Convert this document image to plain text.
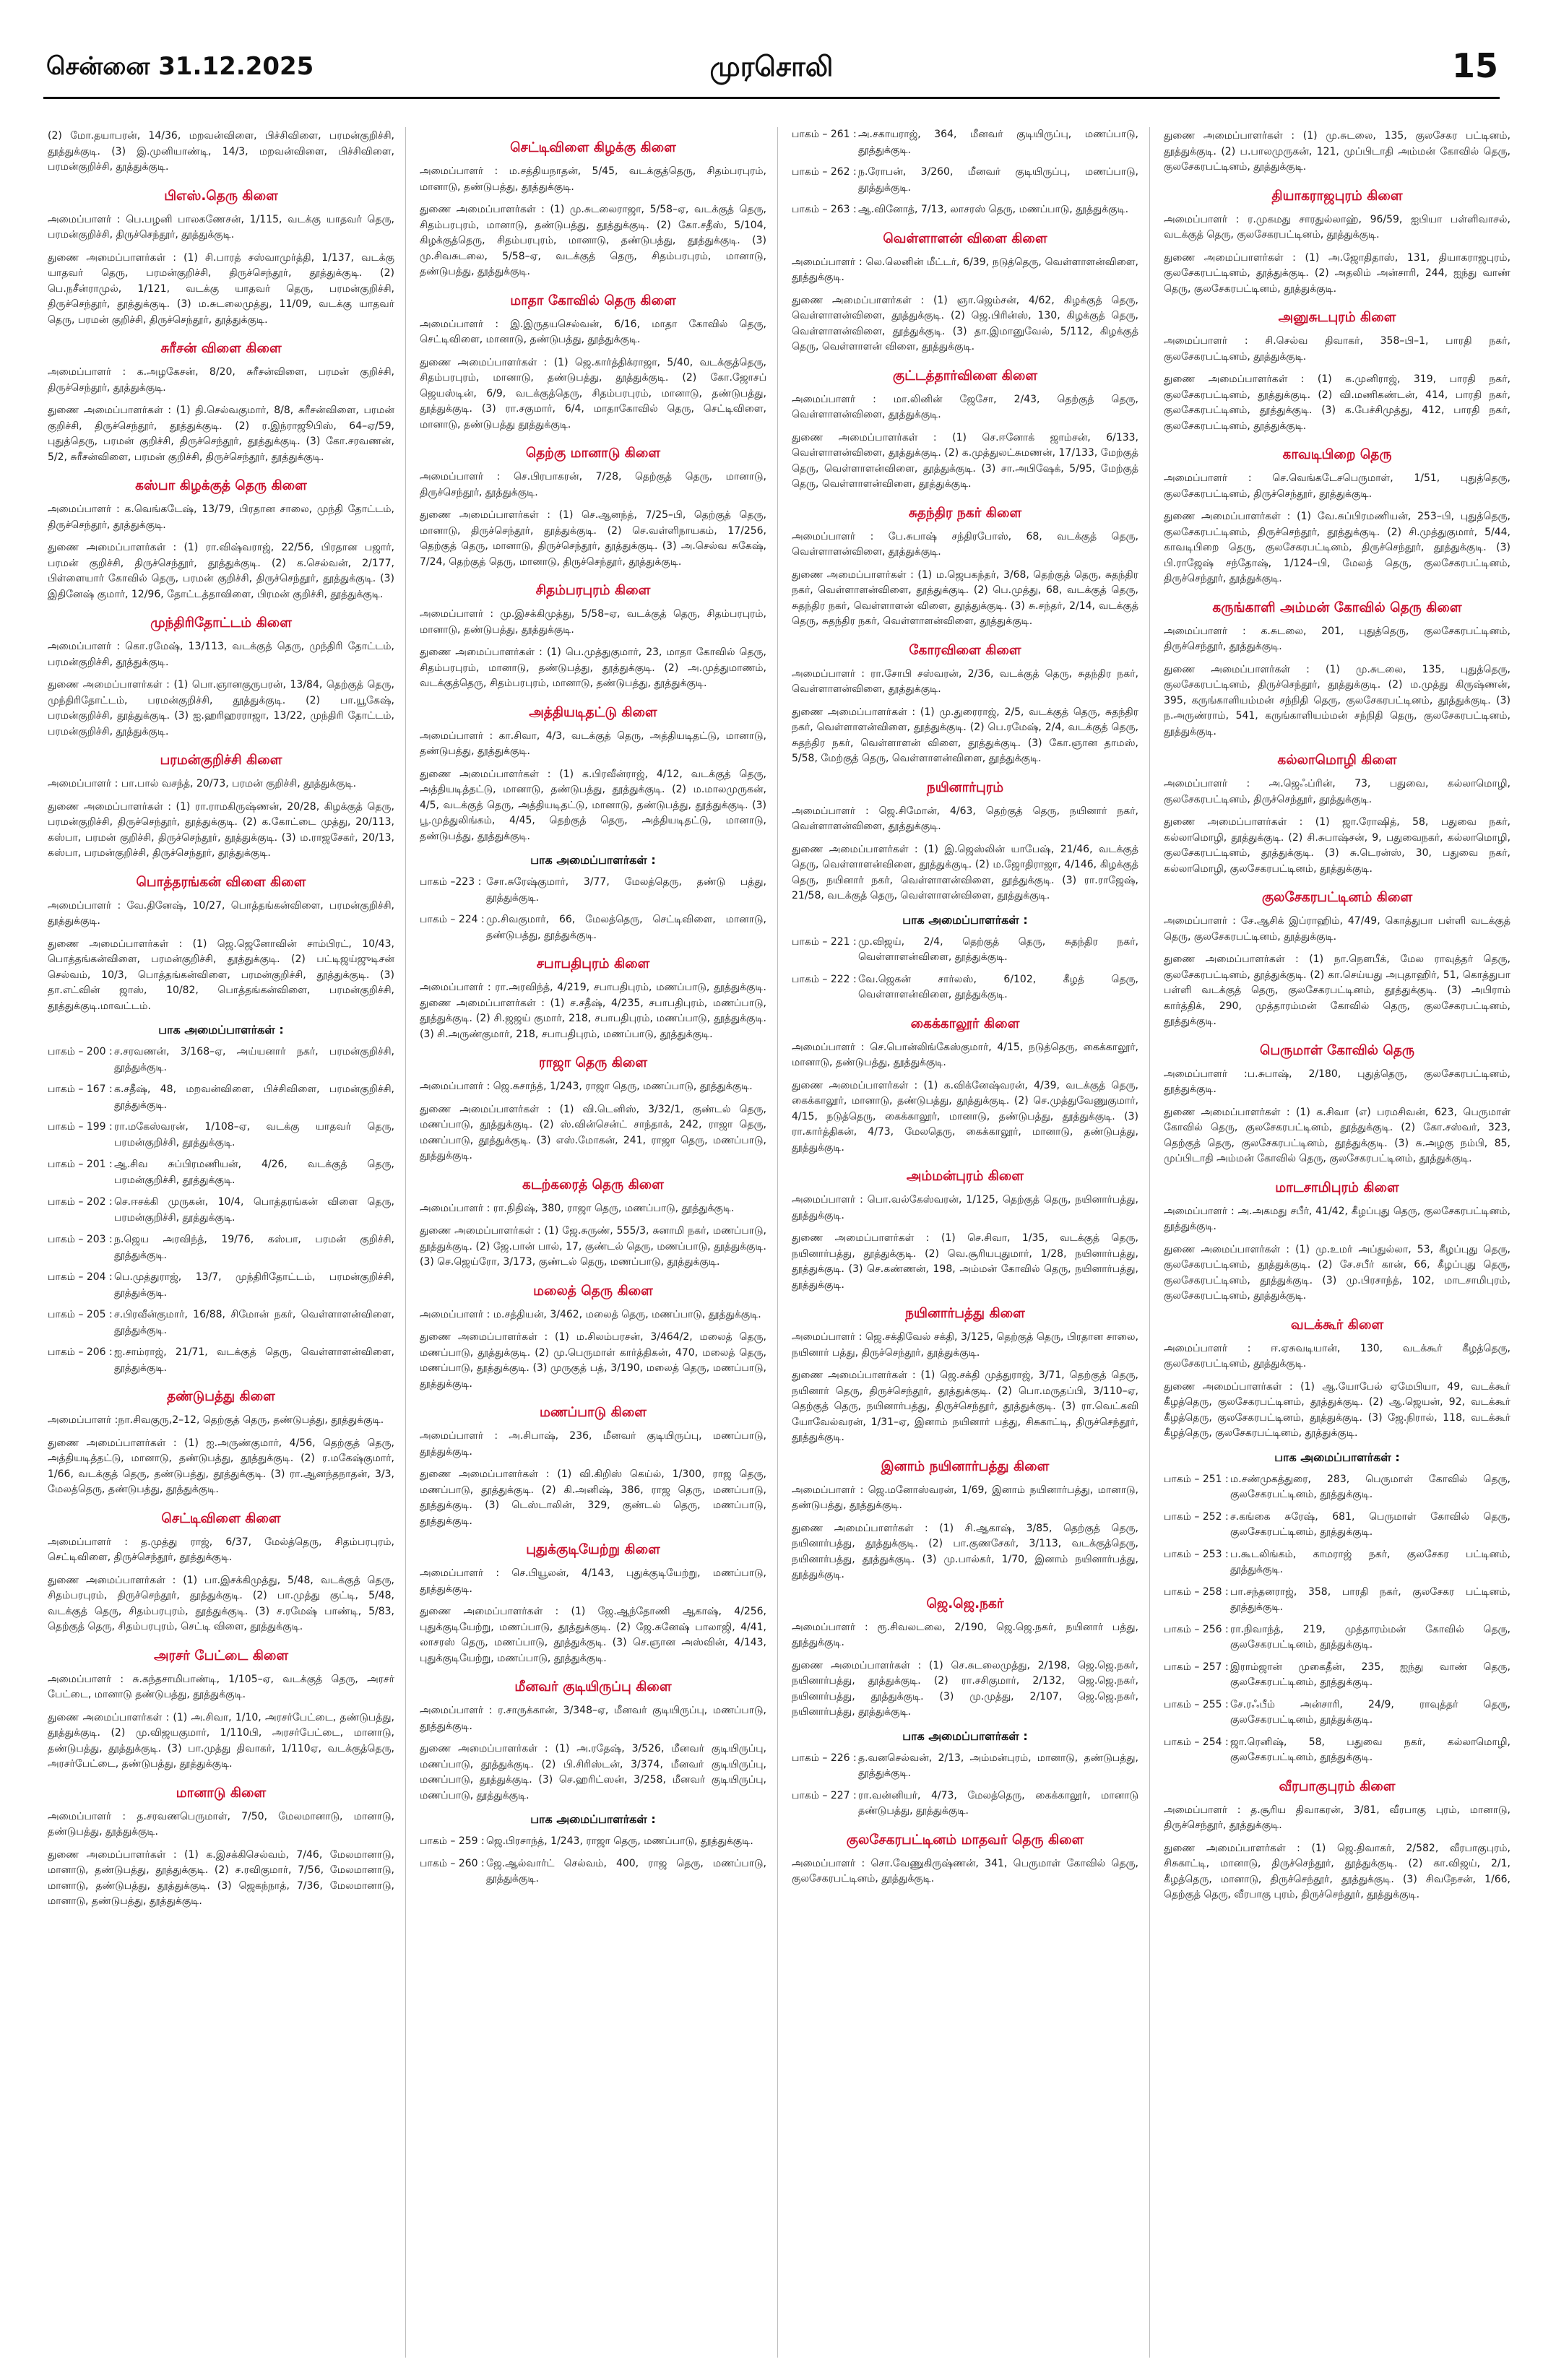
சென்னை 31.12.2025	முரசொலி	15

(2) மோ.தயாபரன், 14/36, மறவன்விளை, பிச்சிவிளை, பரமன்குறிச்சி, தூத்துக்குடி. (3) இ.முனியாண்டி, 14/3, மறவன்விளை, பிச்சிவிளை, பரமன்குறிச்சி, தூத்துக்குடி.

பிஎஸ்.தெரு கிளை

அமைப்பாளர் : பெ.பழனி பாலகணேசன், 1/115, வடக்கு யாதவர் தெரு, பரமன்குறிச்சி, திருச்செந்தூர், தூத்துக்குடி.

துணை அமைப்பாளர்கள் : (1) சி.பாரத் சஸ்வாமுர்த்தி, 1/137, வடக்கு யாதவர் தெரு, பரமன்குறிச்சி, திருச்செந்தூர், தூத்துக்குடி. (2) பெ.நசீன்ராமுல், 1/121, வடக்கு யாதவர் தெரு, பரமன்குறிச்சி, திருச்செந்தூர், தூத்துக்குடி. (3) ம.சுடலைமுத்து, 11/09, வடக்கு யாதவர் தெரு, பரமன் குறிச்சி, திருச்செந்தூர், தூத்துக்குடி.

சுரீசன் விளை கிளை

அமைப்பாளர் : க.அழகேசன், 8/20, சுரீசன்விளை, பரமன் குறிச்சி, திருச்செந்தூர், தூத்துக்குடி.

துணை அமைப்பாளர்கள் : (1) தி.செல்வகுமார், 8/8, சுரீசன்விளை, பரமன் குறிச்சி, திருச்செந்தூர், தூத்துக்குடி. (2) ர.இந்ராஜூபிஸ், 64–ஏ/59, புதுத்தெரு, பரமன் குறிச்சி, திருச்செந்தூர், தூத்துக்குடி. (3) கோ.சரவணன், 5/2, சுரீசன்விளை, பரமன் குறிச்சி, திருச்செந்தூர், தூத்துக்குடி.

கஸ்பா கிழக்குத் தெரு கிளை

அமைப்பாளர் : க.வெங்கடேஷ், 13/79, பிரதான சாலை, முந்தி தோட்டம், திருச்செந்தூர், தூத்துக்குடி.

துணை அமைப்பாளர்கள் : (1) ரா.விஷ்வராஜ், 22/56, பிரதான பஜார், பரமன் குறிச்சி, திருச்செந்தூர், தூத்துக்குடி. (2) க.செல்வன், 2/177, பிள்ளையார் கோவில் தெரு, பரமன் குறிச்சி, திருச்செந்தூர், தூத்துக்குடி. (3) இதினேஷ் குமார், 12/96, தோட்டத்தாவிளை, பிரமன் குறிச்சி, தூத்துக்குடி.

முந்திரிதோட்டம் கிளை

அமைப்பாளர் : கொ.ரமேஷ், 13/113, வடக்குத் தெரு, முந்திரி தோட்டம், பரமன்குறிச்சி, தூத்துக்குடி.

துணை அமைப்பாளர்கள் : (1) பொ.ஞானகுருபரன், 13/84, தெற்குத் தெரு, முந்திரிதோட்டம், பரமன்குறிச்சி, தூத்துக்குடி. (2) பா.யூகேஷ், பரமன்குறிச்சி, தூத்துக்குடி. (3) ஐ.ஹரிஹரராஜா, 13/22, முந்திரி தோட்டம், பரமன்குறிச்சி, தூத்துக்குடி.

பரமன்குறிச்சி கிளை

அமைப்பாளர் : பா.பால் வசந்த், 20/73, பரமன் குறிச்சி, தூத்துக்குடி.

துணை அமைப்பாளர்கள் : (1) ரா.ராமகிருஷ்ணன், 20/28, கிழக்குத் தெரு, பரமன்குறிச்சி, திருச்செந்தூர், தூத்துக்குடி. (2) க.கோட்டை முத்து, 20/113, கஸ்பா, பரமன் குறிச்சி, திருச்செந்தூர், தூத்துக்குடி. (3) ம.ராஜசேகர், 20/13, கஸ்பா, பரமன்குறிச்சி, திருச்செந்தூர், தூத்துக்குடி.

பொத்தரங்கன் விளை கிளை

அமைப்பாளர் : வே.தினேஷ், 10/27, பொத்தங்கன்விளை, பரமன்குறிச்சி, தூத்துக்குடி.

துணை அமைப்பாளர்கள் : (1) ஜெ.ஜெனோவின் சாம்பிரட், 10/43, பொத்தங்கன்விளை, பரமன்குறிச்சி, தூத்துக்குடி. (2) பட்டிஜய்ஜுடிசன் செல்வம், 10/3, பொத்தங்கன்விளை, பரமன்குறிச்சி, தூத்துக்குடி. (3) தா.எட்வின் ஜாஸ், 10/82, பொத்தங்கன்விளை, பரமன்குறிச்சி, தூத்துக்குடி.மாவட்டம்.

பாக அமைப்பாளர்கள் :
பாகம் – 200 : ச.சரவணன், 3/168–ஏ, அய்யனார் நகர், பரமன்குறிச்சி, தூத்துக்குடி.
பாகம் – 167 : க.சதீஷ், 48, மறவன்விளை, பிச்சிவிளை, பரமன்குறிச்சி, தூத்துக்குடி.
பாகம் – 199 : ரா.மகேஸ்வரன், 1/108–ஏ, வடக்கு யாதவர் தெரு, பரமன்குறிச்சி, தூத்துக்குடி.
பாகம் – 201 : ஆ.சிவ சுப்பிரமணியன், 4/26, வடக்குத் தெரு, பரமன்குறிச்சி, தூத்துக்குடி.
பாகம் – 202 : செ.ஈசக்கி முருகன், 10/4, பொத்தரங்கன் விளை தெரு, பரமன்குறிச்சி, தூத்துக்குடி.
பாகம் – 203 : ந.ஜெய அரவிந்த், 19/76, கஸ்பா, பரமன் குறிச்சி, தூத்துக்குடி.
பாகம் – 204 : பெ.முத்துராஜ், 13/7, முந்திரிதோட்டம், பரமன்குறிச்சி, தூத்துக்குடி.
பாகம் – 205 : ச.பிரவீன்குமார், 16/88, சிமோன் நகர், வெள்ளாளன்விளை, தூத்துக்குடி.
பாகம் – 206 : ஐ.சாம்ராஜ், 21/71, வடக்குத் தெரு, வெள்ளாளன்விளை, தூத்துக்குடி.
தண்டுபத்து கிளை

அமைப்பாளர் :நா.சிவகுரு,2–12, தெற்குத் தெரு, தண்டுபத்து, தூத்துக்குடி.

துணை அமைப்பாளர்கள் : (1) ஐ.அருண்குமார், 4/56, தெற்குத் தெரு, அத்தியடித்தட்டு, மானாடு, தண்டுபத்து, தூத்துக்குடி. (2) ர.மகேஷ்குமார், 1/66, வடக்குத் தெரு, தண்டுபத்து, தூத்துக்குடி. (3) ரா.ஆனந்தநாதன், 3/3, மேலத்தெரு, தண்டுபத்து, தூத்துக்குடி.

செட்டிவிளை கிளை

அமைப்பாளர் : த.முத்து ராஜ், 6/37, மேல்த்தெரு, சிதம்பரபுரம், செட்டிவிளை, திருச்செந்தூர், தூத்துக்குடி.

துணை அமைப்பாளர்கள் : (1) பா.இசக்கிமுத்து, 5/48, வடக்குத் தெரு, சிதம்பரபுரம், திருச்செந்தூர், தூத்துக்குடி. (2) பா.முத்து குட்டி, 5/48, வடக்குத் தெரு, சிதம்பரபுரம், தூத்துக்குடி. (3) ச.ரமேஷ் பாண்டி, 5/83, தெற்குத் தெரு, சிதம்பரபுரம், செட்டி விளை, தூத்துக்குடி.

அரசர் பேட்டை கிளை

அமைப்பாளர் : சு.கந்தசாமிபாண்டி, 1/105–ஏ, வடக்குத் தெரு, அரசர் பேட்டை, மானாடு தண்டுபத்து, தூத்துக்குடி.

துணை அமைப்பாளர்கள் : (1) அ.சிவா, 1/10, அரசர்பேட்டை, தண்டுபத்து, தூத்துக்குடி. (2) மு.விஜயகுமார், 1/110பி, அரசர்பேட்டை, மானாடு, தண்டுபத்து, தூத்துக்குடி. (3) பா.முத்து திவாகர், 1/110ஏ, வடக்குத்தெரு, அரசர்பேட்டை, தண்டுபத்து, தூத்துக்குடி.

மானாடு கிளை

அமைப்பாளர் : த.சரவணபெருமாள், 7/50, மேலமானாடு, மானாடு, தண்டுபத்து, தூத்துக்குடி.

துணை அமைப்பாளர்கள் : (1) க.இசக்கிசெல்வம், 7/46, மேலமானாடு, மானாடு, தண்டுபத்து, தூத்துக்குடி. (2) ச.ரவிகுமார், 7/56, மேலமானாடு, மானாடு, தண்டுபத்து, தூத்துக்குடி. (3) ஜெகந்நாத், 7/36, மேலமானாடு, மானாடு, தண்டுபத்து, தூத்துக்குடி.

செட்டிவிளை கிழக்கு கிளை

அமைப்பாளர் : ம.சத்தியநாதன், 5/45, வடக்குத்தெரு, சிதம்பரபுரம், மானாடு, தண்டுபத்து, தூத்துக்குடி.

துணை அமைப்பாளர்கள் : (1) மு.சுடலைராஜா, 5/58–ஏ, வடக்குத் தெரு, சிதம்பரபுரம், மானாடு, தண்டுபத்து, தூத்துக்குடி. (2) கோ.சதீஸ், 5/104, கிழக்குத்தெரு, சிதம்பரபுரம், மானாடு, தண்டுபத்து, தூத்துக்குடி. (3) மு.சிவசுடலை, 5/58–ஏ, வடக்குத் தெரு, சிதம்பரபுரம், மானாடு, தண்டுபத்து, தூத்துக்குடி.

மாதா கோவில் தெரு கிளை

அமைப்பாளர் : இ.இருதயசெல்வன், 6/16, மாதா கோவில் தெரு, செட்டிவிளை, மானாடு, தண்டுபத்து, தூத்துக்குடி.

துணை அமைப்பாளர்கள் : (1) ஜெ.கார்த்திக்ராஜா, 5/40, வடக்குத்தெரு, சிதம்பரபுரம், மானாடு, தண்டுபத்து, தூத்துக்குடி. (2) கோ.ஜோசப் ஜெயஸ்டின், 6/9, வடக்குத்தெரு, சிதம்பரபுரம், மானாடு, தண்டுபத்து, தூத்துக்குடி. (3) ரா.சகுமார், 6/4, மாதாகோவில் தெரு, செட்டிவிளை, மானாடு, தண்டுபத்து தூத்துக்குடி.

தெற்கு மானாடு கிளை

அமைப்பாளர் : செ.பிரபாகரன், 7/28, தெற்குத் தெரு, மானாடு, திருச்செந்தூர், தூத்துக்குடி.

துணை அமைப்பாளர்கள் : (1) செ.ஆனந்த், 7/25–பி, தெற்குத் தெரு, மானாடு, திருச்செந்தூர், தூத்துக்குடி. (2) செ.வள்ளிநாயகம், 17/256, தெற்குத் தெரு, மானாடு, திருச்செந்தூர், தூத்துக்குடி. (3) அ.செல்வ சுகேஷ், 7/24, தெற்குத் தெரு, மானாடு, திருச்செந்தூர், தூத்துக்குடி.

சிதம்பரபுரம் கிளை

அமைப்பாளர் : மு.இசக்கிமுத்து, 5/58–ஏ, வடக்குத் தெரு, சிதம்பரபுரம், மானாடு, தண்டுபத்து, தூத்துக்குடி.

துணை அமைப்பாளர்கள் : (1) பெ.முத்துகுமார், 23, மாதா கோவில் தெரு, சிதம்பரபுரம், மானாடு, தண்டுபத்து, தூத்துக்குடி. (2) அ.முத்துமாணம், வடக்குத்தெரு, சிதம்பரபுரம், மானாடு, தண்டுபத்து, தூத்துக்குடி.

அத்தியடிதட்டு கிளை

அமைப்பாளர் : கா.சிவா, 4/3, வடக்குத் தெரு, அத்தியடிதட்டு, மானாடு, தண்டுபத்து, தூத்துக்குடி.

துணை அமைப்பாளர்கள் : (1) க.பிரவீன்ராஜ், 4/12, வடக்குத் தெரு, அத்தியடித்தட்டு, மானாடு, தண்டுபத்து, தூத்துக்குடி. (2) ம.மாலமுருகன், 4/5, வடக்குத் தெரு, அத்தியடிதட்டு, மானாடு, தண்டுபத்து, தூத்துக்குடி. (3) பூ.முத்துலிங்கம், 4/45, தெற்குத் தெரு, அத்தியடிதட்டு, மானாடு, தண்டுபத்து, தூத்துக்குடி.

பாக அமைப்பாளர்கள் :
பாகம் –223 : சோ.சுரேஷ்குமார், 3/77, மேலத்தெரு, தண்டு பத்து, தூத்துக்குடி.
பாகம் – 224 : மு.சிவகுமார், 66, மேலத்தெரு, செட்டிவிளை, மானாடு, தண்டுபத்து, தூத்துக்குடி.
சபாபதிபுரம் கிளை

அமைப்பாளர் : ரா.அரவிந்த், 4/219, சபாபதிபுரம், மணப்பாடு, தூத்துக்குடி. துணை அமைப்பாளர்கள் : (1) ச.சதீஷ், 4/235, சபாபதிபுரம், மணப்பாடு, தூத்துக்குடி. (2) சி.ஜஜய் குமார், 218, சபாபதிபுரம், மணப்பாடு, தூத்துக்குடி. (3) சி.அருண்குமார், 218, சபாபதிபுரம், மணப்பாடு, தூத்துக்குடி.

ராஜா தெரு கிளை

அமைப்பாளர் : ஜெ.சுசாந்த், 1/243, ராஜா தெரு, மணப்பாடு, தூத்துக்குடி.

துணை அமைப்பாளர்கள் : (1) வி.டெனிஸ், 3/32/1, குண்டல் தெரு, மணப்பாடு, தூத்துக்குடி. (2) ஸ்.வின்சென்ட் சாந்தாக், 242, ராஜா தெரு, மணப்பாடு, தூத்துக்குடி. (3) எஸ்.மோகன், 241, ராஜா தெரு, மணப்பாடு, தூத்துக்குடி.

கடற்கரைத் தெரு கிளை

அமைப்பாளர் : ரா.நிதிஷ், 380, ராஜா தெரு, மணப்பாடு, தூத்துக்குடி.

துணை அமைப்பாளர்கள் : (1) ஜே.சுருண், 555/3, சுனாமி நகர், மணப்பாடு, தூத்துக்குடி. (2) ஜே.பான் பால், 17, குண்டல் தெரு, மணப்பாடு, தூத்துக்குடி. (3) செ.ஜெய்ரோ, 3/173, குண்டல் தெரு, மணப்பாடு, தூத்துக்குடி.

மலைத் தெரு கிளை

அமைப்பாளர் : ம.சத்தியன், 3/462, மலைத் தெரு, மணப்பாடு, தூத்துக்குடி.

துணை அமைப்பாளர்கள் : (1) ம.சிலம்பரசன், 3/464/2, மலைத் தெரு, மணப்பாடு, தூத்துக்குடி. (2) மு.பெருமாள் கார்த்திகன், 470, மலைத் தெரு, மணப்பாடு, தூத்துக்குடி. (3) முருகுத் பத், 3/190, மலைத் தெரு, மணப்பாடு, தூத்துக்குடி.

மணப்பாடு கிளை

அமைப்பாளர் : அ.சிபாஷ், 236, மீனவர் குடியிருப்பு, மணப்பாடு, தூத்துக்குடி.

துணை அமைப்பாளர்கள் : (1) வி.கிறிஸ் கெய்ல், 1/300, ராஜ தெரு, மணப்பாடு, தூத்துக்குடி. (2) கி.அனிஷ், 386, ராஜ தெரு, மணப்பாடு, தூத்துக்குடி. (3) டெஸ்டாலின், 329, குண்டல் தெரு, மணப்பாடு, தூத்துக்குடி.

புதுக்குடியேற்று கிளை

அமைப்பாளர் : செ.பியூலன், 4/143, புதுக்குடியேற்று, மணப்பாடு, தூத்துக்குடி.

துணை அமைப்பாளர்கள் : (1) ஜே.ஆந்தோணி ஆகாஷ், 4/256, புதுக்குடியேற்று, மணப்பாடு, தூத்துக்குடி. (2) ஜே.சுனேஷ் பாலாஜி, 4/41, லாசரஸ் தெரு, மணப்பாடு, தூத்துக்குடி. (3) செ.ஞான அஸ்வின், 4/143, புதுக்குடியேற்று, மணப்பாடு, தூத்துக்குடி.

மீனவர் குடியிருப்பு கிளை

அமைப்பாளர் : ர.சாருக்கான், 3/348–ஏ, மீனவர் குடியிருப்பு, மணப்பாடு, தூத்துக்குடி.

துணை அமைப்பாளர்கள் : (1) அ.ரதேஷ், 3/526, மீனவர் குடியிருப்பு, மணப்பாடு, தூத்துக்குடி. (2) பி.சிரிஸ்டன், 3/374, மீனவர் குடியிருப்பு, மணப்பாடு, தூத்துக்குடி. (3) செ.ஹரிட்ஸன், 3/258, மீனவர் குடியிருப்பு, மணப்பாடு, தூத்துக்குடி.

பாக அமைப்பாளர்கள் :
பாகம் – 259 : ஜெ.பிரசாந்த், 1/243, ராஜா தெரு, மணப்பாடு, தூத்துக்குடி.
பாகம் – 260 : ஜே.ஆல்வார்ட் செல்வம், 400, ராஜ தெரு, மணப்பாடு, தூத்துக்குடி.
பாகம் – 261 : அ.சகாயராஜ், 364, மீனவர் குடியிருப்பு, மணப்பாடு, தூத்துக்குடி.
பாகம் – 262 : ந.ரோபன், 3/260, மீனவர் குடியிருப்பு, மணப்பாடு, தூத்துக்குடி.
பாகம் – 263 : ஆ.வினோத், 7/13, லாசரஸ் தெரு, மணப்பாடு, தூத்துக்குடி.
வெள்ளாளன் விளை கிளை

அமைப்பாளர் : லெ.லெனின் மீட்டர், 6/39, நடுத்தெரு, வெள்ளாளன்விளை, தூத்துக்குடி.

துணை அமைப்பாளர்கள் : (1) ஞா.ஜெம்சன், 4/62, கிழக்குத் தெரு, வெள்ளாளன்விளை, தூத்துக்குடி. (2) ஜெ.பிரின்ஸ், 130, கிழக்குத் தெரு, வெள்ளாளன்விளை, தூத்துக்குடி. (3) தா.இமானுவேல், 5/112, கிழக்குத் தெரு, வெள்ளாளன் விளை, தூத்துக்குடி.

குட்டத்தார்விளை கிளை

அமைப்பாளர் : மா.லினின் ஜேசோ, 2/43, தெற்குத் தெரு, வெள்ளாளன்விளை, தூத்துக்குடி.

துணை அமைப்பாளர்கள் : (1) செ.ஈனோக் ஜாம்சன், 6/133, வெள்ளாளன்விளை, தூத்துக்குடி. (2) க.முத்துலட்சுமணன், 17/133, மேற்குத் தெரு, வெள்ளாளன்விளை, தூத்துக்குடி. (3) சா.அபிஷேக், 5/95, மேற்குத் தெரு, வெள்ளாளன்விளை, தூத்துக்குடி.

சுதந்திர நகர் கிளை

அமைப்பாளர் : பே.சுபாஷ் சந்திரபோஸ், 68, வடக்குத் தெரு, வெள்ளாளன்விளை, தூத்துக்குடி.

துணை அமைப்பாளர்கள் : (1) ம.ஜெபகந்தர், 3/68, தெற்குத் தெரு, சுதந்திர நகர், வெள்ளாளன்விளை, தூத்துக்குடி. (2) பெ.முத்து, 68, வடக்குத் தெரு, சுதந்திர நகர், வெள்ளாளன் விளை, தூத்துக்குடி. (3) சு.சந்தர், 2/14, வடக்குத் தெரு, சுதந்திர நகர், வெள்ளாளன்விளை, தூத்துக்குடி.

கோரவிளை கிளை

அமைப்பாளர் : ரா.சோபி சஸ்வரன், 2/36, வடக்குத் தெரு, சுதந்திர நகர், வெள்ளாளன்விளை, தூத்துக்குடி.

துணை அமைப்பாளர்கள் : (1) மு.துரைராஜ், 2/5, வடக்குத் தெரு, சுதந்திர நகர், வெள்ளாளன்விளை, தூத்துக்குடி. (2) பெ.ரமேஷ், 2/4, வடக்குத் தெரு, சுதந்திர நகர், வெள்ளாளன் விளை, தூத்துக்குடி. (3) கோ.ஞான தாமஸ், 5/58, மேற்குத் தெரு, வெள்ளாளன்விளை, தூத்துக்குடி.

நயினார்புரம்

அமைப்பாளர் : ஜெ.சிமோன், 4/63, தெற்குத் தெரு, நயினார் நகர், வெள்ளாளன்விளை, தூத்துக்குடி.

துணை அமைப்பாளர்கள் : (1) இ.ஜெஸ்லின் யாபேஷ், 21/46, வடக்குத் தெரு, வெள்ளாளன்விளை, தூத்துக்குடி. (2) ம.ஜோதிராஜா, 4/146, கிழக்குத் தெரு, நயினார் நகர், வெள்ளாளன்விளை, தூத்துக்குடி. (3) ரா.ராஜேஷ், 21/58, வடக்குத் தெரு, வெள்ளாளன்விளை, தூத்துக்குடி.

பாக அமைப்பாளர்கள் :
பாகம் – 221 : மு.விஜய், 2/4, தெற்குத் தெரு, சுதந்திர நகர், வெள்ளாளன்விளை, தூத்துக்குடி.
பாகம் – 222 : வே.ஜெகன் சார்லஸ், 6/102, கீழத் தெரு, வெள்ளாளன்விளை, தூத்துக்குடி.
கைக்காலூர் கிளை

அமைப்பாளர் : செ.பொன்லிங்கேஸ்குமார், 4/15, நடுத்தெரு, கைக்காலூர், மானாடு, தண்டுபத்து, தூத்துக்குடி.

துணை அமைப்பாளர்கள் : (1) க.விக்னேஷ்வரன், 4/39, வடக்குத் தெரு, கைக்காலூர், மானாடு, தண்டுபத்து, தூத்துக்குடி. (2) செ.முத்துவேணுகுமார், 4/15, நடுத்தெரு, கைக்காலூர், மானாடு, தண்டுபத்து, தூத்துக்குடி. (3) ரா.கார்த்திகன், 4/73, மேலதெரு, கைக்காலூர், மானாடு, தண்டுபத்து, தூத்துக்குடி.

அம்மன்புரம் கிளை

அமைப்பாளர் : பொ.வல்கேஸ்வரன், 1/125, தெற்குத் தெரு, நயினார்பத்து, தூத்துக்குடி.

துணை அமைப்பாளர்கள் : (1) செ.சிவா, 1/35, வடக்குத் தெரு, நயினார்பத்து, தூத்துக்குடி. (2) வெ.சூரியபுதுமார், 1/28, நயினார்பத்து, தூத்துக்குடி. (3) செ.கண்ணன், 198, அம்மன் கோவில் தெரு, நயினார்பத்து, தூத்துக்குடி.

நயினார்பத்து கிளை

அமைப்பாளர் : ஜெ.சக்திவேல் சக்தி, 3/125, தெற்குத் தெரு, பிரதான சாலை, நயினார் பத்து, திருச்செந்தூர், தூத்துக்குடி.

துணை அமைப்பாளர்கள் : (1) ஜெ.சக்தி முத்துராஜ், 3/71, தெற்குத் தெரு, நயினார் தெரு, திருச்செந்தூர், தூத்துக்குடி. (2) பொ.மருதப்பி, 3/110–ஏ, தெற்குத் தெரு, நயினார்பத்து, திருச்செந்தூர், தூத்துக்குடி. (3) ரா.வெட்கவி யோவேல்வரன், 1/31–ஏ, இனாம் நயினார் பத்து, சிசுகாட்டி, திருச்செந்தூர், தூத்துக்குடி.

இனாம் நயினார்பத்து கிளை

அமைப்பாளர் : ஜெ.மனோஸ்வரன், 1/69, இனாம் நயினார்பத்து, மானாடு, தண்டுபத்து, தூத்துக்குடி.

துணை அமைப்பாளர்கள் : (1) சி.ஆகாஷ், 3/85, தெற்குத் தெரு, நயினார்பத்து, தூத்துக்குடி. (2) பா.குணசேகர், 3/113, வடக்குத்தெரு, நயினார்பத்து, தூத்துக்குடி. (3) மு.பால்கர், 1/70, இனாம் நயினார்பத்து, தூத்துக்குடி.

ஜெ.ஜெ.நகர்

அமைப்பாளர் : ரூ.சிவலடலை, 2/190, ஜெ.ஜெ.நகர், நயினார் பத்து, தூத்துக்குடி.

துணை அமைப்பாளர்கள் : (1) செ.சுடலைமுத்து, 2/198, ஜெ.ஜெ.நகர், நயினார்பத்து, தூத்துக்குடி. (2) ரா.சசிகுமார், 2/132, ஜெ.ஜெ.நகர், நயினார்பத்து, தூத்துக்குடி. (3) மு.முத்து, 2/107, ஜெ.ஜெ.நகர், நயினார்பத்து, தூத்துக்குடி.

பாக அமைப்பாளர்கள் :
பாகம் – 226 : த.வனசெல்வன், 2/13, அம்மன்புரம், மானாடு, தண்டுபத்து, தூத்துக்குடி.
பாகம் – 227 : ரா.வன்னியர், 4/73, மேலத்தெரு, கைக்காலூர், மானாடு தண்டுபத்து, தூத்துக்குடி.
குலசேகரபட்டினம் மாதவர் தெரு கிளை

அமைப்பாளர் : சொ.வேணுகிருஷ்ணன், 341, பெருமாள் கோவில் தெரு, குலசேகரபட்டினம், தூத்துக்குடி.

துணை அமைப்பாளர்கள் : (1) மு.சுடலை, 135, குலசேகர பட்டினம், தூத்துக்குடி. (2) ப.பாலமுருகன், 121, முப்பிடாதி அம்மன் கோவில் தெரு, குலசேகரபட்டினம், தூத்துக்குடி.

தியாகராஜபுரம் கிளை

அமைப்பாளர் : ர.முகமது சாரதுல்லாஹ், 96/59, ஐபியா பள்ளிவாசல், வடக்குத் தெரு, குலசேகரபட்டினம், தூத்துக்குடி.

துணை அமைப்பாளர்கள் : (1) அ.ஜோதிதாஸ், 131, தியாகராஜபுரம், குலசேகரபட்டினம், தூத்துக்குடி. (2) அதலிம் அன்சாரி, 244, ஐந்து வாண் தெரு, குலசேகரபட்டினம், தூத்துக்குடி.

அனுசுடபுரம் கிளை

அமைப்பாளர் : சி.செல்வ திவாகர், 358–பி–1, பாரதி நகர், குலசேகரபட்டினம், தூத்துக்குடி.

துணை அமைப்பாளர்கள் : (1) க.முனிராஜ், 319, பாரதி நகர், குலசேகரபட்டினம், தூத்துக்குடி. (2) வி.மணிகண்டன், 414, பாரதி நகர், குலசேகரபட்டினம், தூத்துக்குடி. (3) க.பேச்சிமுத்து, 412, பாரதி நகர், குலசேகரபட்டினம், தூத்துக்குடி.

காவடிபிறை தெரு

அமைப்பாளர் : செ.வெங்கடேசபெருமாள், 1/51, புதுத்தெரு, குலசேகரபட்டினம், திருச்செந்தூர், தூத்துக்குடி.

துணை அமைப்பாளர்கள் : (1) வே.சுப்பிரமணியன், 253–பி, புதுத்தெரு, குலசேகரபட்டினம், திருச்செந்தூர், தூத்துக்குடி. (2) சி.முத்துகுமார், 5/44, காவடிபிறை தெரு, குலசேகரபட்டினம், திருச்செந்தூர், தூத்துக்குடி. (3) பி.ராஜேஷ் சந்தோஷ், 1/124–பி, மேலத் தெரு, குலசேகரபட்டினம், திருச்செந்தூர், தூத்துக்குடி.

கருங்காளி அம்மன் கோவில் தெரு கிளை

அமைப்பாளர் : க.சுடலை, 201, புதுத்தெரு, குலசேகரபட்டினம், திருச்செந்தூர், தூத்துக்குடி.

துணை அமைப்பாளர்கள் : (1) மு.சுடலை, 135, புதுத்தெரு, குலசேகரபட்டினம், திருச்செந்தூர், தூத்துக்குடி. (2) ம.முத்து கிருஷ்ணன், 395, கருங்காளியம்மன் சந்நிதி தெரு, குலசேகரபட்டினம், தூத்துக்குடி. (3) ந.அருண்ராம், 541, கருங்காளியம்மன் சந்நிதி தெரு, குலசேகரபட்டினம், தூத்துக்குடி.

கல்லாமொழி கிளை

அமைப்பாளர் : அ.ஜெஃப்ரின், 73, பதுவை, கல்லாமொழி, குலசேகரபட்டினம், திருச்செந்தூர், தூத்துக்குடி.

துணை அமைப்பாளர்கள் : (1) ஜா.ரோஷித், 58, பதுவை நகர், கல்லாமொழி, தூத்துக்குடி. (2) சி.சுபாஷ்சன், 9, பதுவைநகர், கல்லாமொழி, குலசேகரபட்டினம், தூத்துக்குடி. (3) சு.டெரன்ஸ், 30, பதுவை நகர், கல்லாமொழி, குலசேகரபட்டினம், தூத்துக்குடி.

குலசேகரபட்டினம் கிளை

அமைப்பாளர் : சே.ஆசிக் இப்ராஹிம், 47/49, கொத்துபா பள்ளி வடக்குத் தெரு, குலசேகரபட்டினம், தூத்துக்குடி.

துணை அமைப்பாளர்கள் : (1) நா.நௌபீக், மேல ராவுத்தர் தெரு, குலசேகரபட்டினம், தூத்துக்குடி. (2) கா.செய்யது அபுதாஹிர், 51, கொத்துபா பள்ளி வடக்குத் தெரு, குலசேகரபட்டினம், தூத்துக்குடி. (3) அபிராம் கார்த்திக், 290, முத்தாரம்மன் கோவில் தெரு, குலசேகரபட்டினம், தூத்துக்குடி.

பெருமாள் கோவில் தெரு

அமைப்பாளர் :ப.சுபாஷ், 2/180, புதுத்தெரு, குலசேகரபட்டினம், தூத்துக்குடி.

துணை அமைப்பாளர்கள் : (1) க.சிவா (எ) பரமசிவன், 623, பெருமாள் கோவில் தெரு, குலசேகரபட்டினம், தூத்துக்குடி. (2) கோ.சஸ்வர், 323, தெற்குத் தெரு, குலசேகரபட்டினம், தூத்துக்குடி. (3) சு.அழகு நம்பி, 85, முப்பிடாதி அம்மன் கோவில் தெரு, குலசேகரபட்டினம், தூத்துக்குடி.

மாடசாமிபுரம் கிளை

அமைப்பாளர் : அ.அகமது சபீர், 41/42, கீழப்புது தெரு, குலசேகரபட்டினம், தூத்துக்குடி.

துணை அமைப்பாளர்கள் : (1) மு.உமர் அப்துல்லா, 53, கீழப்புது தெரு, குலசேகரபட்டினம், தூத்துக்குடி. (2) சே.சபீர் கான், 66, கீழப்புது தெரு, குலசேகரபட்டினம், தூத்துக்குடி. (3) மு.பிரசாந்த், 102, மாடசாமிபுரம், குலசேகரபட்டினம், தூத்துக்குடி.

வடக்கூர் கிளை

அமைப்பாளர் : ஈ.ஏசுவடியான், 130, வடக்கூர் கீழத்தெரு, குலசேகரபட்டினம், தூத்துக்குடி.

துணை அமைப்பாளர்கள் : (1) ஆ.யோபேல் ஏமேபியா, 49, வடக்கூர் கீழத்தெரு, குலசேகரபட்டினம், தூத்துக்குடி. (2) ஆ.ஜெயன், 92, வடக்கூர் கீழத்தெரு, குலசேகரபட்டினம், தூத்துக்குடி. (3) ஜே.நிரால், 118, வடக்கூர் கீழத்தெரு, குலசேகரபட்டினம், தூத்துக்குடி.

பாக அமைப்பாளர்கள் :
பாகம் – 251 : ம.சண்முகத்துரை, 283, பெருமாள் கோவில் தெரு, குலசேகரபட்டினம், தூத்துக்குடி.
பாகம் – 252 : ச.கங்கை சுரேஷ், 681, பெருமாள் கோவில் தெரு, குலசேகரபட்டினம், தூத்துக்குடி.
பாகம் – 253 : ப.கூடலிங்கம், காமராஜ் நகர், குலசேகர பட்டினம், தூத்துக்குடி.
பாகம் – 258 : பா.சந்தனராஜ், 358, பாரதி நகர், குலசேகர பட்டினம், தூத்துக்குடி.
பாகம் – 256 : ரா.நிவாந்த், 219, முத்தாரம்மன் கோவில் தெரு, குலசேகரபட்டினம், தூத்துக்குடி.
பாகம் – 257 : இராம்ஜான் முகைதீன், 235, ஐந்து வாண் தெரு, குலசேகரபட்டினம், தூத்துக்குடி.
பாகம் – 255 : சே.ரஃபீம் அன்சாரி, 24/9, ராவுத்தர் தெரு, குலசேகரபட்டினம், தூத்துக்குடி.
பாகம் – 254 : ஜா.ரெனிஷ், 58, பதுவை நகர், கல்லாமொழி, குலசேகரபட்டினம், தூத்துக்குடி.
வீரபாகுபுரம் கிளை

அமைப்பாளர் : த.சூரிய திவாகரன், 3/81, வீரபாகு புரம், மானாடு, திருச்செந்தூர், தூத்துக்குடி.

துணை அமைப்பாளர்கள் : (1) ஜெ.திவாகர், 2/582, வீரபாகுபுரம், சிசுகாட்டி, மானாடு, திருச்செந்தூர், தூத்துக்குடி. (2) கா.விஜய், 2/1, கீழத்தெரு, மானாடு, திருச்செந்தூர், தூத்துக்குடி. (3) சிவநேசன், 1/66, தெற்குத் தெரு, வீரபாகு புரம், திருச்செந்தூர், தூத்துக்குடி.
